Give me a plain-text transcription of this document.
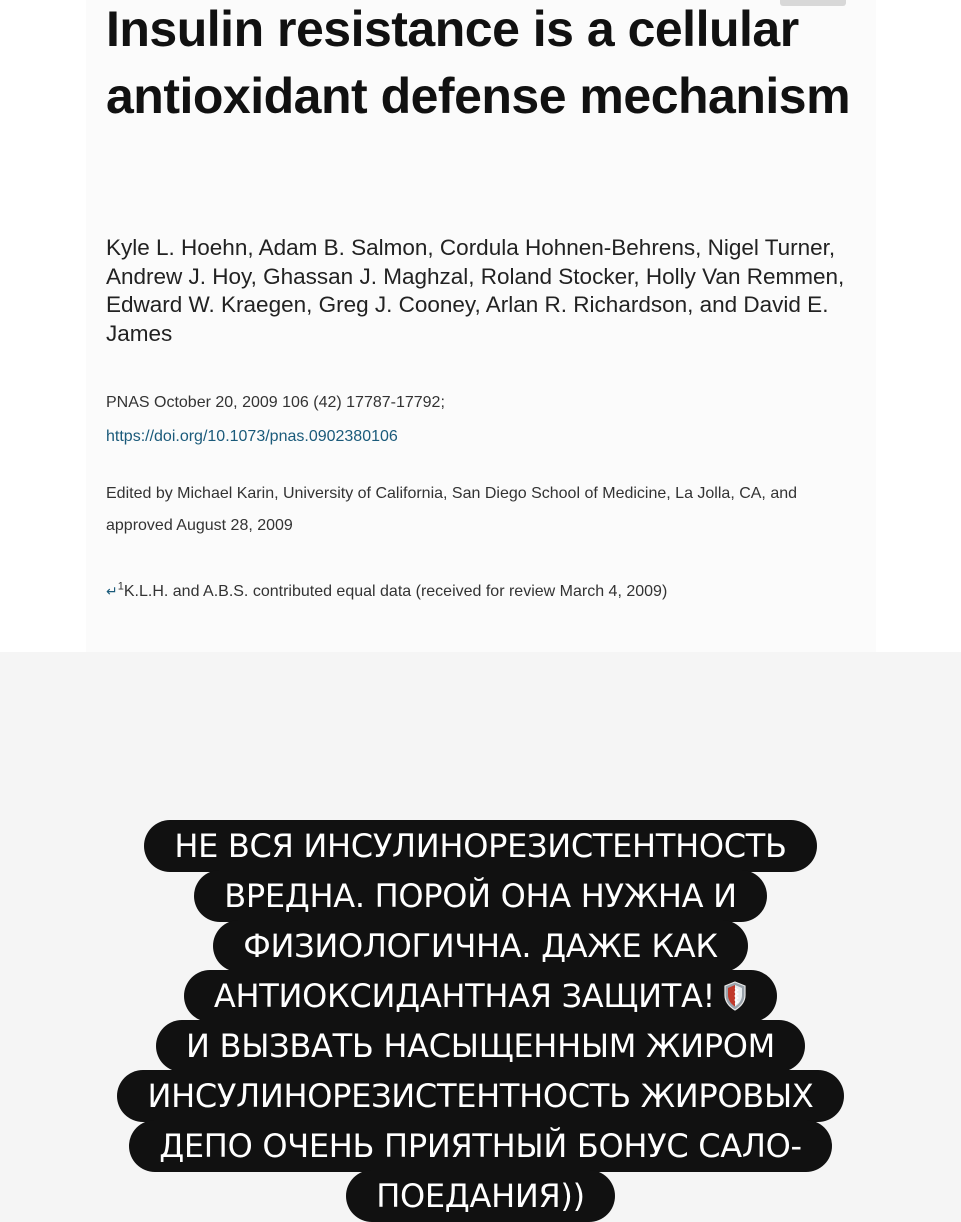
Insulin resistance is a cellular antioxidant defense mechanism
Kyle L. Hoehn, Adam B. Salmon, Cordula Hohnen-Behrens, Nigel Turner, Andrew J. Hoy, Ghassan J. Maghzal, Roland Stocker, Holly Van Remmen, Edward W. Kraegen, Greg J. Cooney, Arlan R. Richardson, and David E. James
PNAS October 20, 2009 106 (42) 17787-17792;
https://doi.org/10.1073/pnas.0902380106
Edited by Michael Karin, University of California, San Diego School of Medicine, La Jolla, CA, and approved August 28, 2009
↵$^1$K.L.H. and A.B.S. contributed equal data (received for review March 4, 2009)
НЕ ВСЯ ИНСУЛИНОРЕЗИСТЕНТНОСТЬ
ВРЕДНА. ПОРОЙ ОНА НУЖНА И
ФИЗИОЛОГИЧНА. ДАЖЕ КАК
АНТИОКСИДАНТНАЯ ЗАЩИТА!
И ВЫЗВАТЬ НАСЫЩЕННЫМ ЖИРОМ
ИНСУЛИНОРЕЗИСТЕНТНОСТЬ ЖИРОВЫХ
ДЕПО ОЧЕНЬ ПРИЯТНЫЙ БОНУС САЛО-
ПОЕДАНИЯ))
